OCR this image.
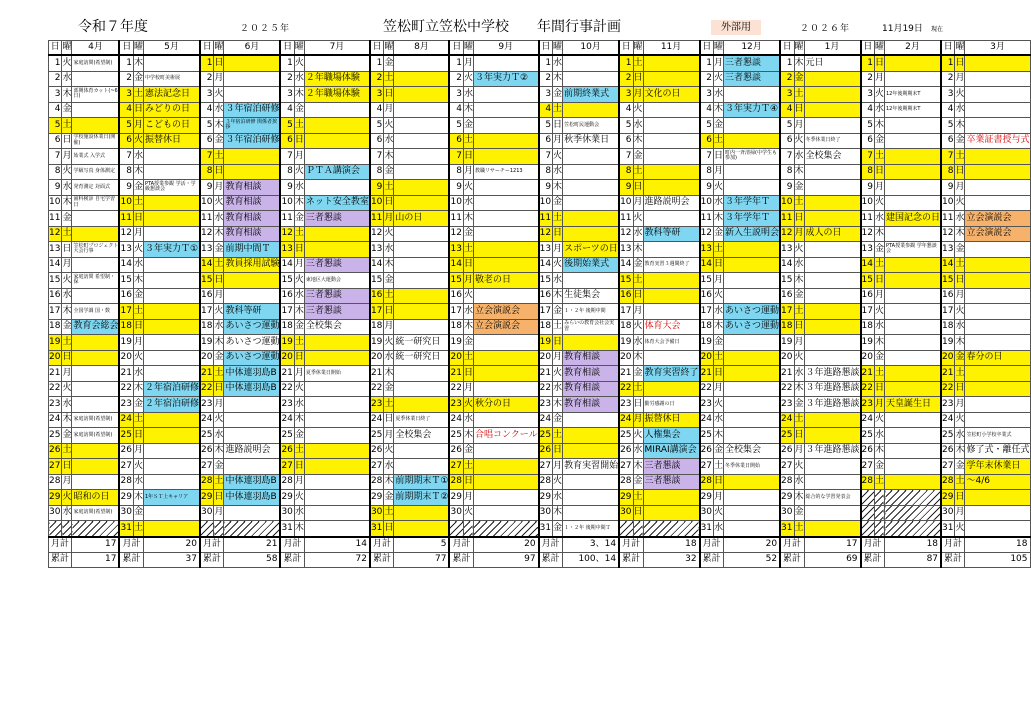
令和７年度	２０２５年	笠松町立笠松中学校 年間行事計画	外部用	２０２６年	11月19日 現在
日	曜	4月	日	曜	5月	日	曜	6月	日	曜	7月	日	曜	8月	日	曜	9月	日	曜	10月	日	曜	11月	日	曜	12月	日	曜	1月	日	曜	2月	日	曜	3月
1	火	家庭訪問(希望制)	1	木		1	日		1	火		1	金		1	月		1	水		1	土		1	月	三者懇談	1	木	元日	1	日		1	日	
2	水		2	金	中学校町美術展	2	月		2	水	２年職場体験	2	土		2	火	３年実力Ｔ②	2	木		2	日		2	火	三者懇談	2	金		2	月		2	月	
3	木	部開体育カット(~6日)	3	土	憲法記念日	3	火		3	木	２年職場体験	3	日		3	水		3	金	前期終業式	3	月	文化の日	3	水		3	土		3	火	12年後期期末T	3	火	
4	金		4	日	みどりの日	4	水	３年宿泊研修	4	金		4	月		4	木		4	土		4	火		4	木	３年実力Ｔ④	4	日		4	水	12年後期期末T	4	水	
5	土		5	月	こどもの日	5	木	３年宿泊研修 関係者挨拶	5	土		5	火		5	金		5	日	笠松町民運動会	5	水		5	金		5	月		5	木		5	木	
6	日	学校施設休業日(開催)	6	火	振替休日	6	金	３年宿泊研修	6	日		6	水		6	土		6	月	秋季休業日	6	木		6	土		6	火	冬季休業日終了	6	金		6	金	卒業証書授与式
7	月	始業式 入学式	7	水		7	土		7	月		7	木		7	日		7	火		7	金		7	日	町内一斉清掃(中学生も参加)	7	水	全校集会	7	土		7	土	
8	火	学級写真 身体測定	8	木		8	日		8	火	ＰＴＡ講演会	8	金		8	月	教職リサーチー1213	8	水		8	土		8	月		8	木		8	日		8	日	
9	水	発育測定 対面式	9	金	PTA授業参観 学活・学級懇談会	9	月	教育相談	9	水		9	土		9	火		9	木		9	日		9	火		9	金		9	月		9	月	
10	木	歯科検診 自宅学習日	10	土		10	火	教育相談	10	木	ネット安全教室	10	日		10	水		10	金		10	月	進路説明会	10	水	３年学年Ｔ	10	土		10	火		10	火	
11	金		11	日		11	水	教育相談	11	金	三者懇談	11	月	山の日	11	木		11	土		11	火		11	木	３年学年Ｔ	11	日		11	水	建国記念の日	11	水	立会演説会
12	土		12	月		12	木	教育相談	12	土		12	火		12	金		12	日		12	水	教科等研	12	金	新入生説明会	12	月	成人の日	12	木		12	木	立会演説会
13	日	笠松町プロジェクト 大会行事	13	火	３年実力Ｔ①	13	金	前期中間Ｔ	13	日		13	水		13	土		13	月	スポーツの日	13	木		13	土		13	火		13	金	PTA授業参観 学年懇談会	13	金	
14	月		14	水		14	土	教員採用試験	14	月	三者懇談	14	木		14	日		14	火	後期始業式	14	金	教育実習３週間終了	14	日		14	水		14	土		14	土	
15	火	家庭訪問 希望制・保	15	木		15	日		15	火	東地区大運動会	15	金		15	月	敬老の日	15	水		15	土		15	月		15	木		15	日		15	日	
16	水		16	金		16	月		16	水	三者懇談	16	土		16	火		16	木	生徒集会	16	日		16	火		16	金		16	月		16	月	
17	木	全国学調 国・数	17	土		17	火	教科等研	17	木	三者懇談	17	日		17	水	立会演説会	17	金	１・２年 後期中間	17	月		17	水	あいさつ運動	17	土		17	火		17	火	
18	金	教育会総会	18	日		18	水	あいさつ運動	18	金	全校集会	18	月		18	木	立会演説会	18	土	みらいの教育会社会実習	18	火	体育大会	18	木	あいさつ運動	18	日		18	水		18	水	
19	土		19	月		19	木	あいさつ運動	19	土		19	火	統一研究日	19	金		19	日		19	水	体育大会予備日	19	金		19	月		19	木		19	木	
20	日		20	火		20	金	あいさつ運動	20	日		20	水	統一研究日	20	土		20	月	教育相談	20	木		20	土		20	火		20	金		20	金	春分の日
21	月		21	水		21	土	中体連羽島B	21	月	夏季休業日開始	21	木		21	日		21	火	教育相談	21	金	教育実習終了	21	日		21	水	３年進路懇談	21	土		21	土	
22	火		22	木	２年宿泊研修	22	日	中体連羽島B	22	火		22	金		22	月		22	水	教育相談	22	土		22	月		22	木	３年進路懇談	22	日		22	日	
23	水		23	金	２年宿泊研修	23	月		23	水		23	土		23	火	秋分の日	23	木	教育相談	23	日	勤労感謝の日	23	火		23	金	３年進路懇談	23	月	天皇誕生日	23	月	
24	木	家庭訪問(希望制)	24	土		24	火		24	木		24	日	夏季休業日終了	24	水		24	金		24	月	振替休日	24	水		24	土		24	火		24	火	
25	金	家庭訪問(希望制)	25	日		25	水		25	金		25	月	全校集会	25	木	合唱コンクール	25	土		25	火	人権集会	25	木		25	日		25	水		25	水	笠松町小学校卒業式
26	土		26	月		26	木	進路説明会	26	土		26	火		26	金		26	日		26	水	MIRAI講演会	26	金	全校集会	26	月	３年進路懇談	26	木		26	木	修了式・離任式
27	日		27	火		27	金		27	日		27	水		27	土		27	月	教育実習開始	27	木	三者懇談	27	土	冬季休業日開始	27	火		27	金		27	金	学年末休業日
28	月		28	水		28	土	中体連羽島B	28	月		28	木	前期期末Ｔ①	28	日		28	火		28	金	三者懇談	28	日		28	水		28	土		28	土	～4/6
29	火	昭和の日	29	木	1年ＳＴ上キャリア	29	日	中体連羽島B	29	火		29	金	前期期末Ｔ②	29	月		29	水		29	土		29	月		29	木	総合的な学習発表会				29	日	
30	水	家庭訪問(希望制)	30	金		30	月		30	水		30	土		30	火		30	木		30	日		30	火		30	金					30	月	
			31	土					31	木		31	日					31	金	１・２年 後期中間Ｔ				31	水		31	土					31	火	
月計		17	月計		20	月計		21	月計		14	月計		5	月計		20	月計		3、14	月計		18	月計		20	月計		17	月計		18	月計		18
累計		17	累計		37	累計		58	累計		72	累計		77	累計		97	累計		100、14	累計		32	累計		52	累計		69	累計		87	累計		105
